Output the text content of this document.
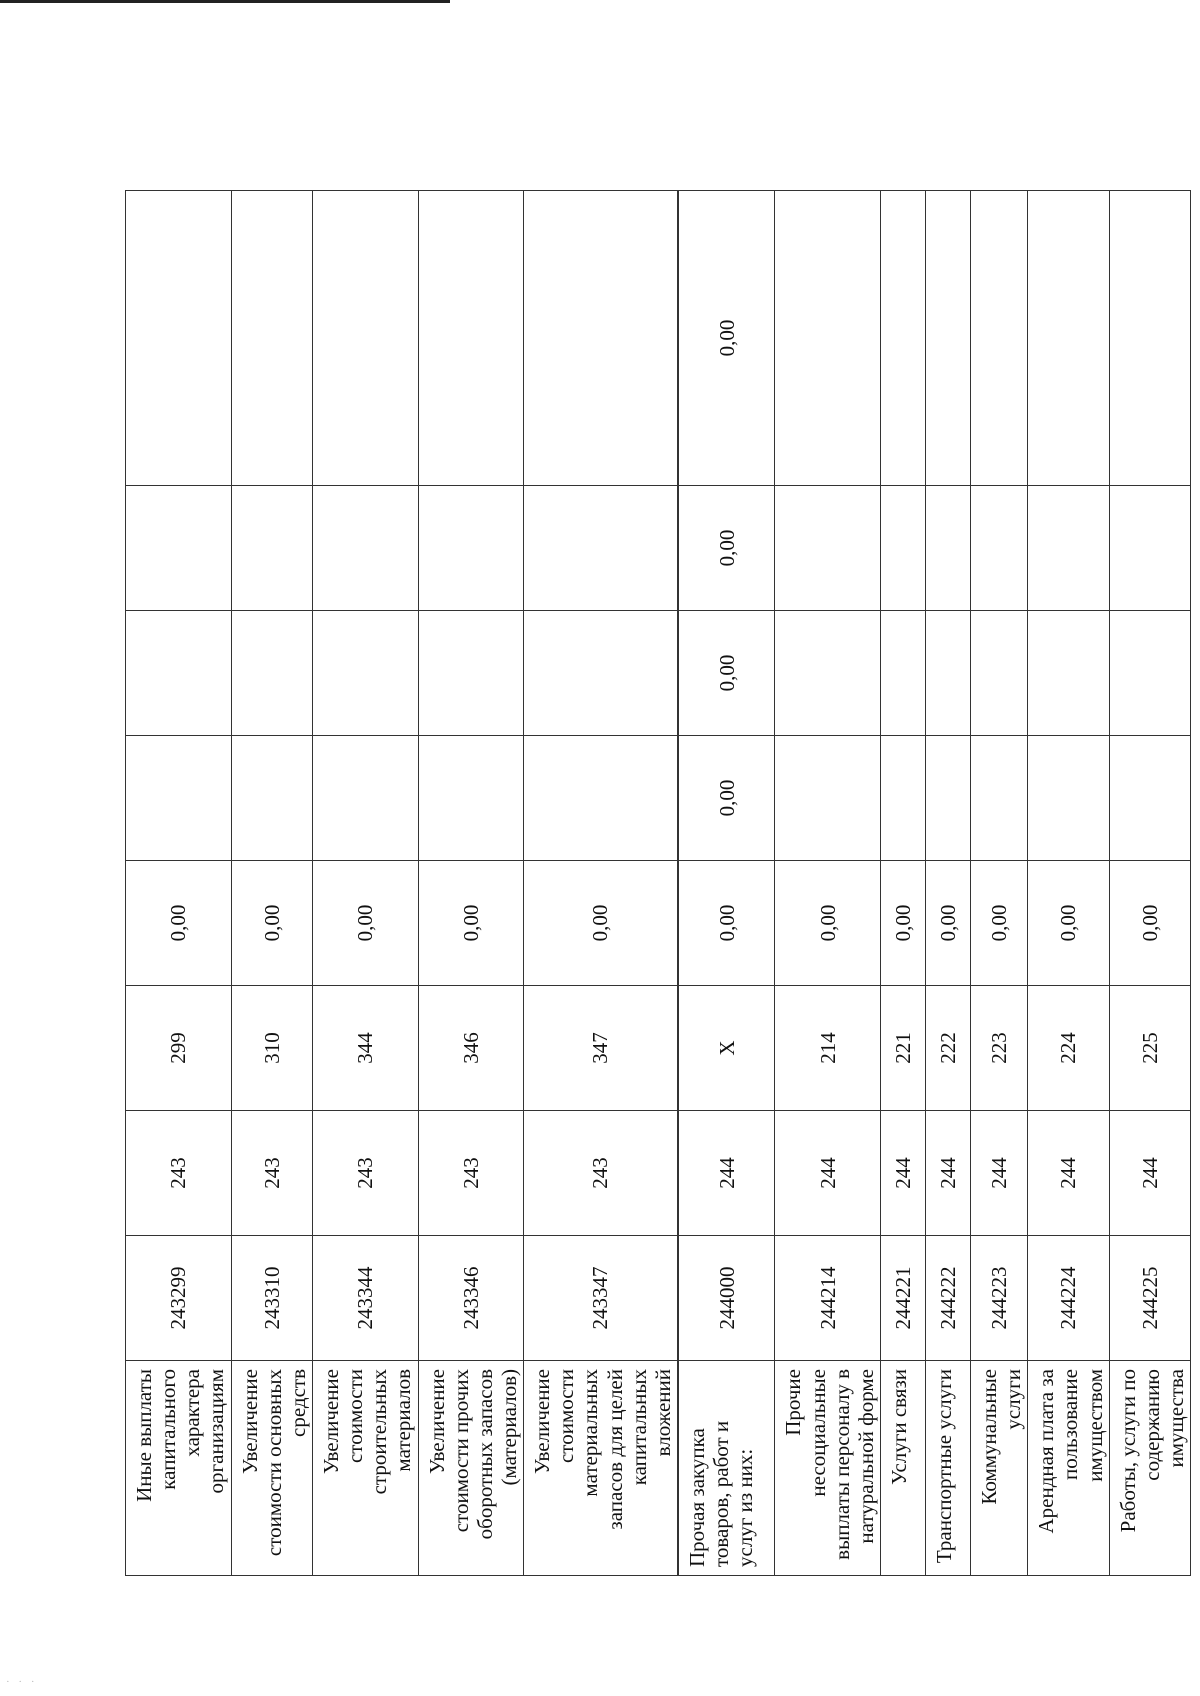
· · ·
Иные выплаты капитального характера организациям	243299	243	299	0,00				
Увеличение стоимости основных средств	243310	243	310	0,00				
Увеличение стоимости строительных материалов	243344	243	344	0,00				
Увеличение стоимости прочих оборотных запасов (материалов)	243346	243	346	0,00				
Увеличение стоимости материальных запасов для целей капитальных вложений	243347	243	347	0,00				
Прочая закупка товаров, работ и услуг из них:	244000	244	X	0,00	0,00	0,00	0,00	0,00
Прочие несоциальные выплаты персоналу в натуральной форме	244214	244	214	0,00				
Услуги связи	244221	244	221	0,00				
Транспортные услуги	244222	244	222	0,00				
Коммунальные услуги	244223	244	223	0,00				
Арендная плата за пользование имуществом	244224	244	224	0,00				
Работы, услуги по содержанию имущества	244225	244	225	0,00				
